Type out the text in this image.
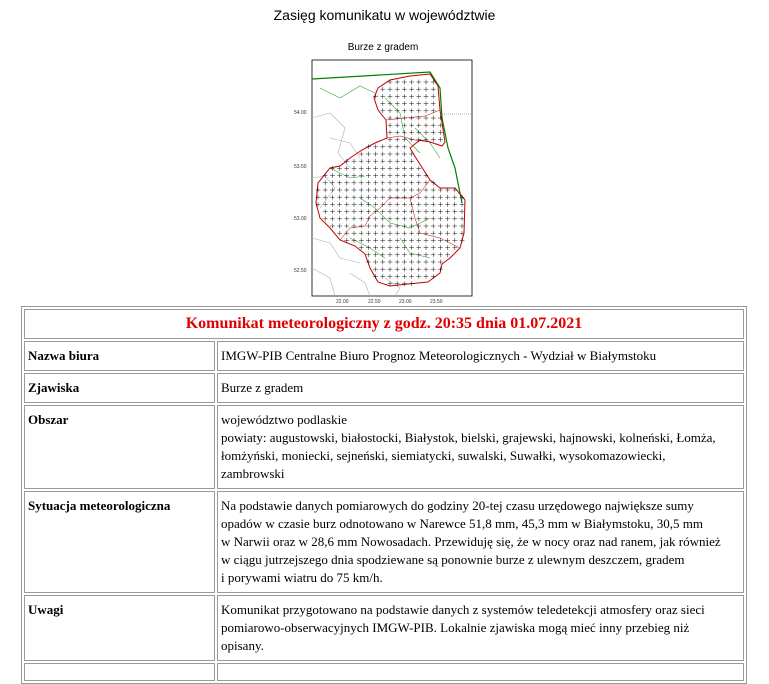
Zasięg komunikatu w województwie
Burze z gradem
54.00
53.50
53.00
52.50
22.00	22.50	23.00	23.50
Komunikat meteorologiczny z godz. 20:35 dnia 01.07.2021	
Nazwa biura	IMGW-PIB Centralne Biuro Prognoz Meteorologicznych - Wydział w Białymstoku

Zjawiska	Burze z gradem

Obszar	województwo podlaskie
powiaty: augustowski, białostocki, Białystok, bielski, grajewski, hajnowski, kolneński, Łomża,
łomżyński, moniecki, sejneński, siemiatycki, suwalski, Suwałki, wysokomazowiecki,
zambrowski

Sytuacja meteorologiczna	Na podstawie danych pomiarowych do godziny 20-tej czasu urzędowego największe sumy
opadów w czasie burz odnotowano w Narewce 51,8 mm, 45,3 mm w Białymstoku, 30,5 mm
w Narwii oraz w 28,6 mm Nowosadach. Przewiduję się, że w nocy oraz nad ranem, jak również
w ciągu jutrzejszego dnia spodziewane są ponownie burze z ulewnym deszczem, gradem
i porywami wiatru do 75 km/h.

Uwagi	Komunikat przygotowano na podstawie danych z systemów teledetekcji atmosfery oraz sieci
pomiarowo-obserwacyjnych IMGW-PIB. Lokalnie zjawiska mogą mieć inny przebieg niż
opisany.
